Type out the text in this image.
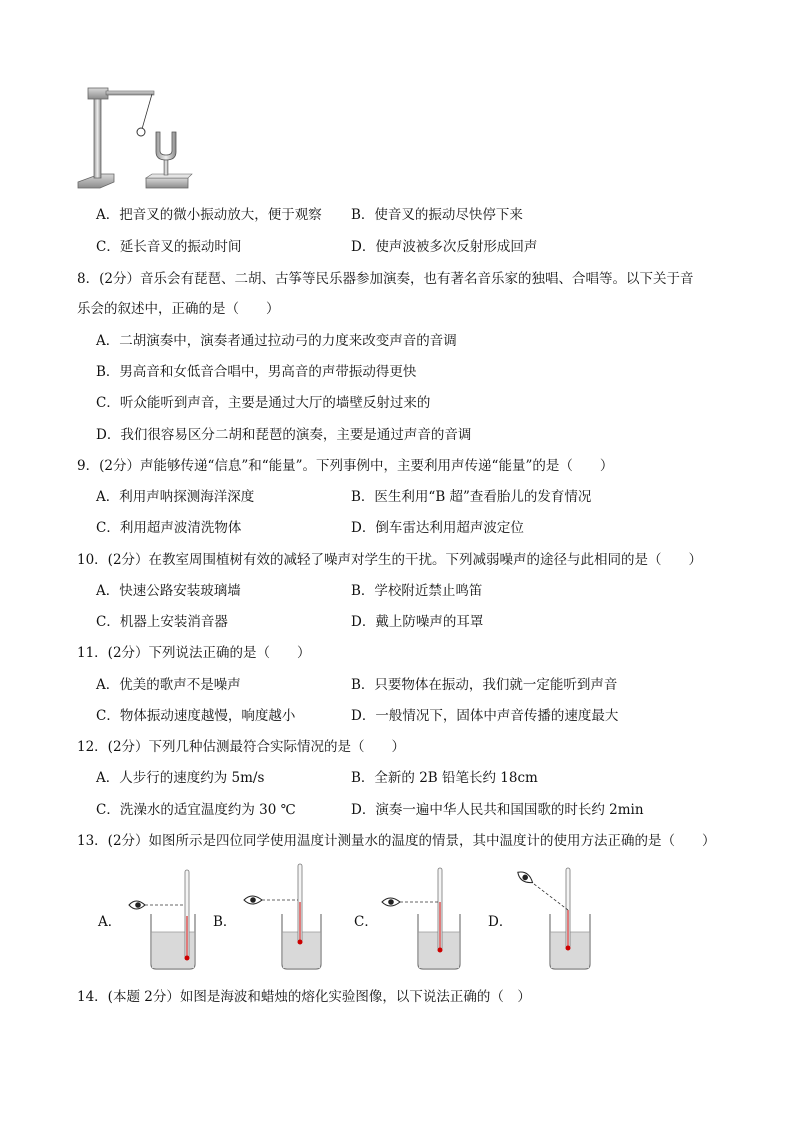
A．把音叉的微小振动放大，便于观察 B．使音叉的振动尽快停下来
C．延长音叉的振动时间	D．使声波被多次反射形成回声
8．(2分）音乐会有琵琶、二胡、古筝等民乐器参加演奏，也有著名音乐家的独唱、合唱等。以下关于音
乐会的叙述中，正确的是（　　）
A．二胡演奏中，演奏者通过拉动弓的力度来改变声音的音调
B．男高音和女低音合唱中，男高音的声带振动得更快
C．听众能听到声音，主要是通过大厅的墙壁反射过来的
D．我们很容易区分二胡和琵琶的演奏，主要是通过声音的音调
9．(2分）声能够传递“信息”和“能量”。下列事例中，主要利用声传递“能量”的是（　　）
A．利用声呐探测海洋深度	B．医生利用“B 超”查看胎儿的发育情况
C．利用超声波清洗物体	D．倒车雷达利用超声波定位
10．(2分）在教室周围植树有效的减轻了噪声对学生的干扰。下列减弱噪声的途径与此相同的是（　　）
A．快速公路安装玻璃墙	B．学校附近禁止鸣笛
C．机器上安装消音器	D．戴上防噪声的耳罩
11．(2分）下列说法正确的是（　　）
A．优美的歌声不是噪声	B．只要物体在振动，我们就一定能听到声音
C．物体振动速度越慢，响度越小	D．一般情况下，固体中声音传播的速度最大
12．(2分）下列几种估测最符合实际情况的是（　　）
A．人步行的速度约为 5m/s	B．全新的 2B 铅笔长约 18cm
C．洗澡水的适宜温度约为 30 ℃	D．演奏一遍中华人民共和国国歌的时长约 2min
13．(2分）如图所示是四位同学使用温度计测量水的温度的情景，其中温度计的使用方法正确的是（　　）
A．	B．	C．	D．
14．(本题 2分）如图是海波和蜡烛的熔化实验图像，以下说法正确的（　）
